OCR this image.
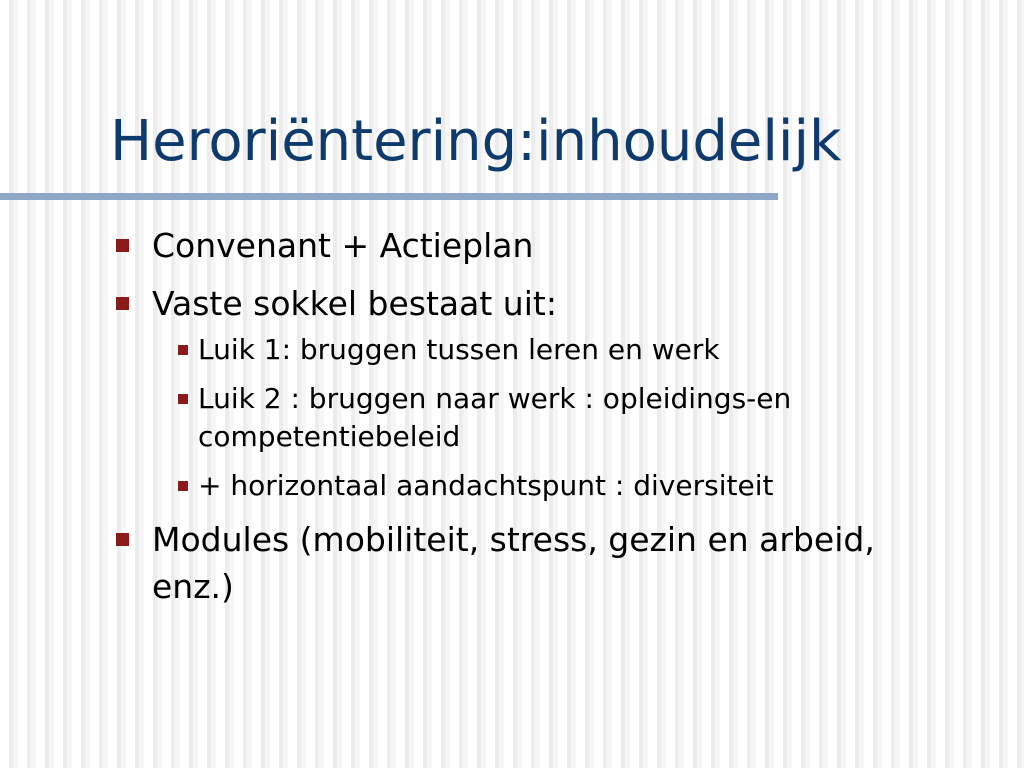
Heroriëntering:inhoudelijk
Convenant + Actieplan
Vaste sokkel bestaat uit:
Luik 1: bruggen tussen leren en werk
Luik 2 : bruggen naar werk : opleidings-en competentiebeleid
+ horizontaal aandachtspunt : diversiteit
Modules (mobiliteit, stress, gezin en arbeid, enz.)
